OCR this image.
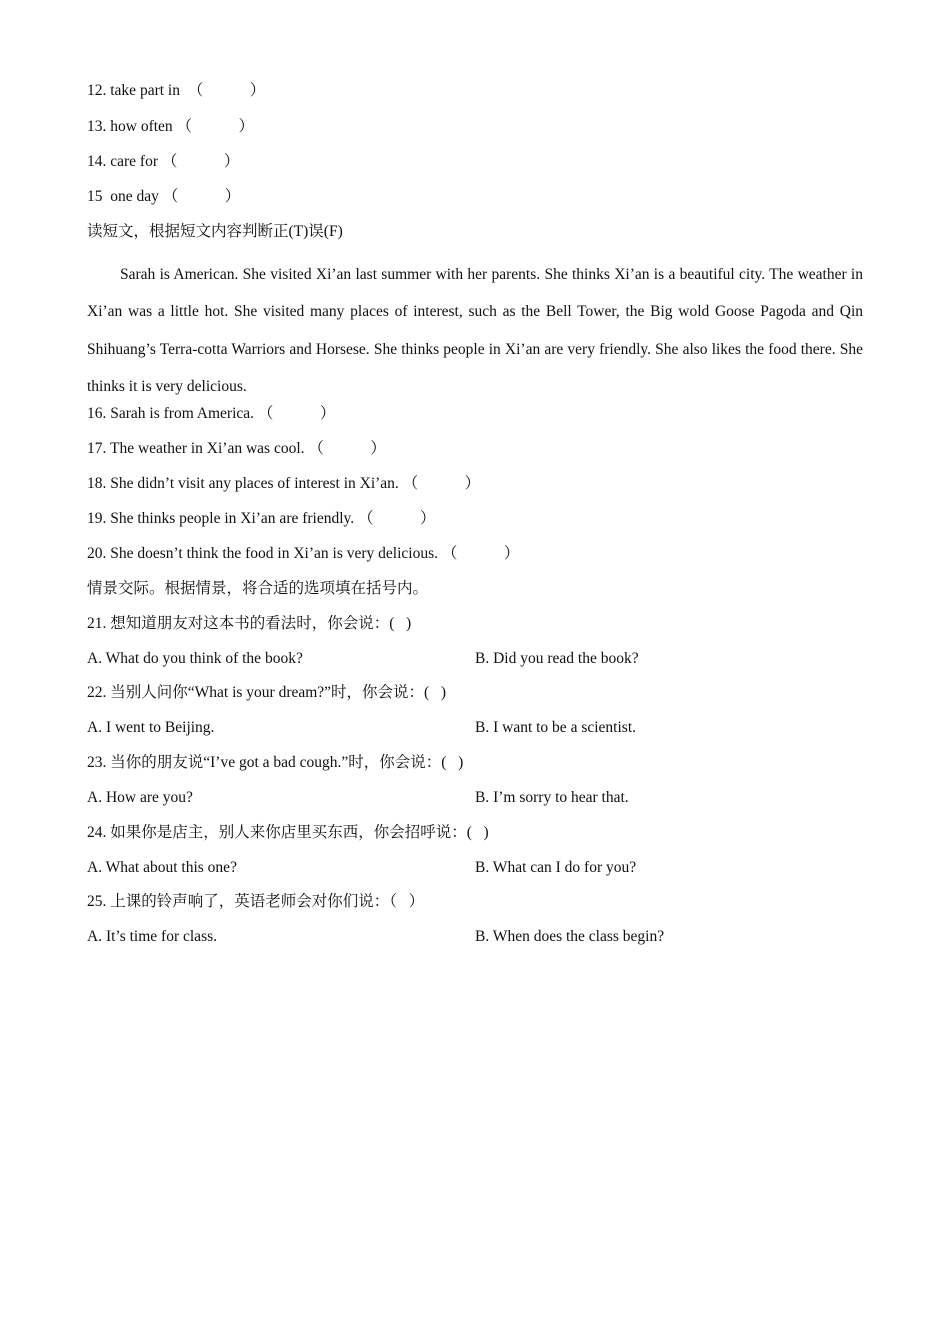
12. take part in　（　　　）
13. how often （　　　）
14. care for （　　　）
15  one day （　　　）
读短文，根据短文内容判断正(T)误(F)
Sarah is American. She visited Xi’an last summer with her parents. She thinks Xi’an is a beautiful city. The weather in Xi’an was a little hot. She visited many places of interest, such as the Bell Tower, the Big wold Goose Pagoda and Qin Shihuang’s Terra-cotta Warriors and Horsese. She thinks people in Xi’an are very friendly. She also likes the food there. She thinks it is very delicious.
16. Sarah is from America. （　　　）
17. The weather in Xi’an was cool. （　　　）
18. She didn’t visit any places of interest in Xi’an. （　　　）
19. She thinks people in Xi’an are friendly. （　　　）
20. She doesn’t think the food in Xi’an is very delicious. （　　　）
情景交际。根据情景，将合适的选项填在括号内。
21. 想知道朋友对这本书的看法时，你会说：(   )
A. What do you think of the book?	B. Did you read the book?
22. 当别人问你“What is your dream?”时，你会说：(   )
A. I went to Beijing.	B. I want to be a scientist.
23. 当你的朋友说“I’ve got a bad cough.”时，你会说：(   )
A. How are you?	B. I’m sorry to hear that.
24. 如果你是店主，别人来你店里买东西，你会招呼说：(   )
A. What about this one?	B. What can I do for you?
25. 上课的铃声响了，英语老师会对你们说：（   ）
A. It’s time for class.	B. When does the class begin?
